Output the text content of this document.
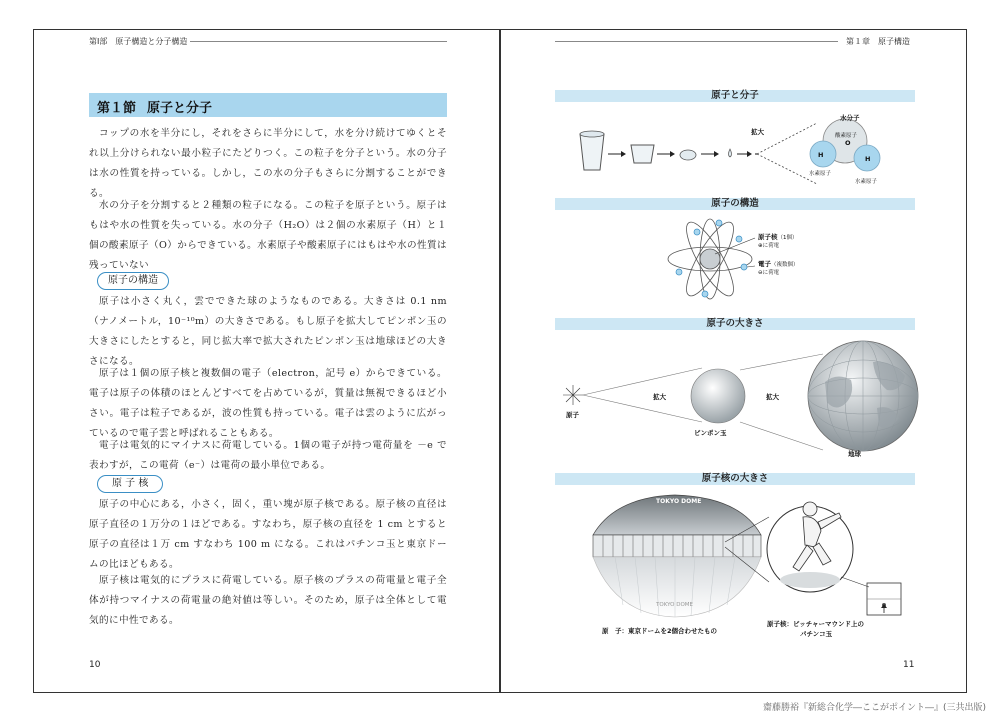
第Ⅰ部　原子構造と分子構造
第１節 原子と分子
コップの水を半分にし，それをさらに半分にして，水を分け続けてゆくとそれ以上分けられない最小粒子にたどりつく。この粒子を分子という。水の分子は水の性質を持っている。しかし，この水の分子もさらに分割することができる。
水の分子を分割すると２種類の粒子になる。この粒子を原子という。原子はもはや水の性質を失っている。水の分子（H₂O）は２個の水素原子（H）と１個の酸素原子（O）からできている。水素原子や酸素原子にはもはや水の性質は残っていない
原子の構造
原子は小さく丸く，雲でできた球のようなものである。大きさは 0.1 nm（ナノメートル，10⁻¹⁰m）の大きさである。もし原子を拡大してピンポン玉の大きさにしたとすると，同じ拡大率で拡大されたピンポン玉は地球ほどの大きさになる。
原子は１個の原子核と複数個の電子（electron，記号 e）からできている。電子は原子の体積のほとんどすべてを占めているが，質量は無視できるほど小さい。電子は粒子であるが，波の性質も持っている。電子は雲のように広がっているので電子雲と呼ばれることもある。
電子は電気的にマイナスに荷電している。1個の電子が持つ電荷量を －e で表わすが，この電荷（e⁻）は電荷の最小単位である。
原 子 核
原子の中心にある，小さく，固く，重い塊が原子核である。原子核の直径は原子直径の１万分の１ほどである。すなわち，原子核の直径を 1 cm とすると原子の直径は１万 cm すなわち 100 m になる。これはパチンコ玉と東京ドームの比ほどもある。
原子核は電気的にプラスに荷電している。原子核のプラスの荷電量と電子全体が持つマイナスの荷電量の絶対値は等しい。そのため，原子は全体として電気的に中性である。
10
第１章　原子構造
原子と分子
拡大
水分子
酸素原子
O
H	H
水素原子
水素原子
原子の構造
原子核（1個）
⊕に荷電
電子（複数個）
⊖に荷電
原子の大きさ
原子
拡大
ピンポン玉
拡大
地球
原子核の大きさ
TOKYO DOME
TOKYO DOME
原　子：東京ドームを2個合わせたもの
原子核：ピッチャーマウンド上の
パチンコ玉
11
齋藤勝裕『新総合化学―ここがポイント―』(三共出版)
